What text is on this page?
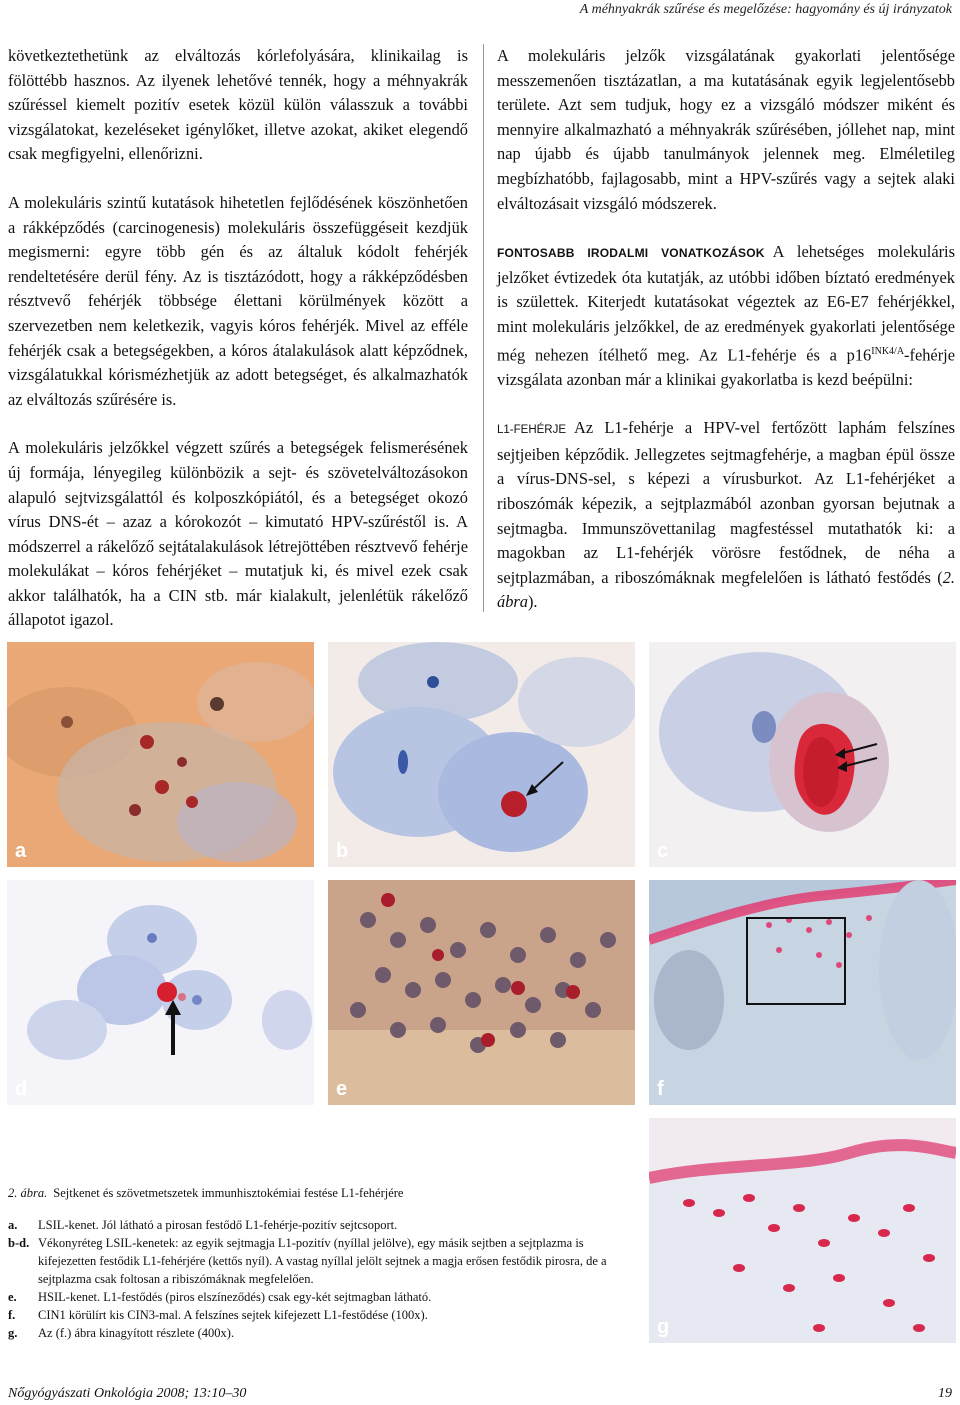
A méhnyakrák szűrése és megelőzése: hagyomány és új irányzatok

következtethetünk az elváltozás kórlefolyására, klinikailag is fölöttébb hasznos. Az ilyenek lehetővé tennék, hogy a méhnyakrák szűréssel kiemelt pozitív esetek közül külön válasszuk a további vizsgálatokat, kezeléseket igénylőket, illetve azokat, akiket elegendő csak megfigyelni, ellenőrizni.

A molekuláris szintű kutatások hihetetlen fejlődésének köszönhetően a rákképződés (carcinogenesis) molekuláris összefüggéseit kezdjük megismerni: egyre több gén és az általuk kódolt fehérjék rendeltetésére derül fény. Az is tisztázódott, hogy a rákképződésben résztvevő fehérjék többsége élettani körülmények között a szervezetben nem keletkezik, vagyis kóros fehérjék. Mivel az efféle fehérjék csak a betegségekben, a kóros átalakulások alatt képződnek, vizsgálatukkal kórismézhetjük az adott betegséget, és alkalmazhatók az elváltozás szűrésére is.

A molekuláris jelzőkkel végzett szűrés a betegségek felismerésének új formája, lényegileg különbözik a sejt- és szövetelváltozásokon alapuló sejtvizsgálattól és kolposzkópiától, és a betegséget okozó vírus DNS-ét – azaz a kórokozót – kimutató HPV-szűréstől is. A módszerrel a rákelőző sejtátalakulások létrejöttében résztvevő fehérje molekulákat – kóros fehérjéket – mutatjuk ki, és mivel ezek csak akkor találhatók, ha a CIN stb. már kialakult, jelenlétük rákelőző állapotot igazol.

A molekuláris jelzők vizsgálatának gyakorlati jelentősége messzemenően tisztázatlan, a ma kutatásának egyik legjelentősebb területe. Azt sem tudjuk, hogy ez a vizsgáló módszer miként és mennyire alkalmazható a méhnyakrák szűrésében, jóllehet nap, mint nap újabb és újabb tanulmányok jelennek meg. Elméletileg megbízhatóbb, fajlagosabb, mint a HPV-szűrés vagy a sejtek alaki elváltozásait vizsgáló módszerek.

FONTOSABB IRODALMI VONATKOZÁSOK A lehetséges molekuláris jelzőket évtizedek óta kutatják, az utóbbi időben bíztató eredmények is születtek. Kiterjedt kutatásokat végeztek az E6-E7 fehérjékkel, mint molekuláris jelzőkkel, de az eredmények gyakorlati jelentősége még nehezen ítélhető meg. Az L1-fehérje és a $p16^{INK4/A}$-fehérje vizsgálata azonban már a klinikai gyakorlatba is kezd beépülni:

L1-FEHÉRJE Az L1-fehérje a HPV-vel fertőzött laphám felszínes sejtjeiben képződik. Jellegzetes sejtmagfehérje, a magban épül össze a vírus-DNS-sel, s képezi a vírusburkot. Az L1-fehérjéket a riboszómák képezik, a sejtplazmából azonban gyorsan bejutnak a sejtmagba. Immunszövettanilag magfestéssel mutathatók ki: a magokban az L1-fehérjék vörösre festődnek, de néha a sejtplazmában, a riboszómáknak megfelelően is látható festődés (2. ábra).

a	b	c
d	e	f
g
2. ábra. Sejtkenet és szövetmetszetek immunhisztokémiai festése L1-fehérjére
a.	LSIL-kenet. Jól látható a pirosan festődő L1-fehérje-pozitív sejtcsoport.
b-d. Vékonyréteg LSIL-kenetek: az egyik sejtmagja L1-pozitív (nyíllal jelölve), egy másik sejtben a sejtplazma is kifejezetten festődik L1-fehérjére (kettős nyíl). A vastag nyíllal jelölt sejtnek a magja erősen festődik pirosra, de a sejtplazma csak foltosan a ribiszómáknak megfelelően.
e.	HSIL-kenet. L1-festődés (piros elszíneződés) csak egy-két sejtmagban látható.
f.	CIN1 körülírt kis CIN3-mal. A felszínes sejtek kifejezett L1-festődése (100x).
g.	Az (f.) ábra kinagyított részlete (400x).
Nőgyógyászati Onkológia 2008; 13:10–30	19
